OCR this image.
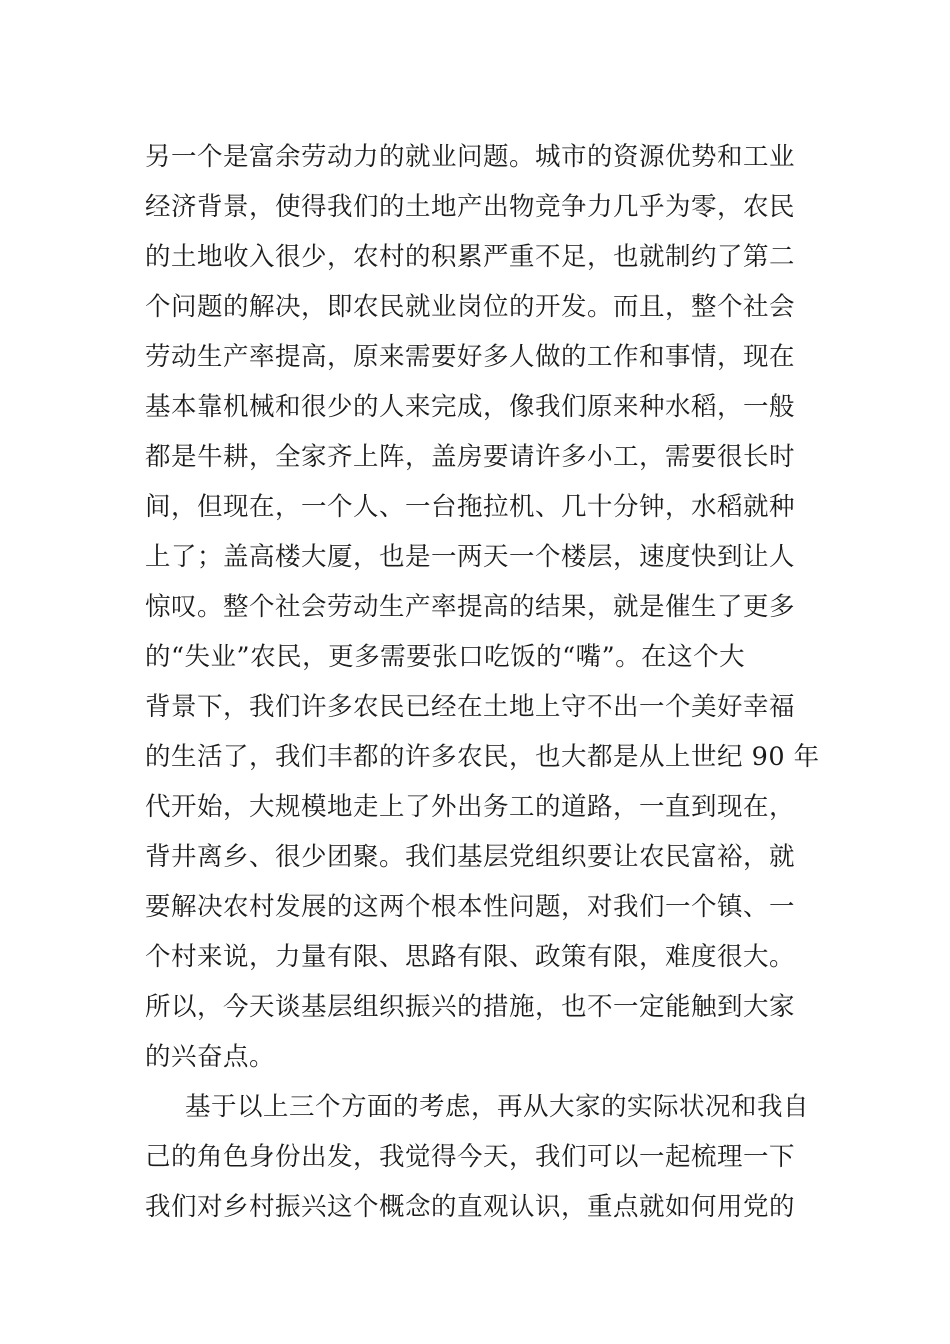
另一个是富余劳动力的就业问题。城市的资源优势和工业
经济背景，使得我们的土地产出物竞争力几乎为零，农民
的土地收入很少，农村的积累严重不足，也就制约了第二
个问题的解决，即农民就业岗位的开发。而且，整个社会
劳动生产率提高，原来需要好多人做的工作和事情，现在
基本靠机械和很少的人来完成，像我们原来种水稻，一般
都是牛耕，全家齐上阵，盖房要请许多小工，需要很长时
间，但现在，一个人、一台拖拉机、几十分钟，水稻就种
上了；盖高楼大厦，也是一两天一个楼层，速度快到让人
惊叹。整个社会劳动生产率提高的结果，就是催生了更多
的“失业”农民，更多需要张口吃饭的“嘴”。在这个大
背景下，我们许多农民已经在土地上守不出一个美好幸福
的生活了，我们丰都的许多农民，也大都是从上世纪 90 年
代开始，大规模地走上了外出务工的道路，一直到现在，
背井离乡、很少团聚。我们基层党组织要让农民富裕，就
要解决农村发展的这两个根本性问题，对我们一个镇、一
个村来说，力量有限、思路有限、政策有限，难度很大。
所以，今天谈基层组织振兴的措施，也不一定能触到大家
的兴奋点。
基于以上三个方面的考虑，再从大家的实际状况和我自
己的角色身份出发，我觉得今天，我们可以一起梳理一下
我们对乡村振兴这个概念的直观认识，重点就如何用党的
